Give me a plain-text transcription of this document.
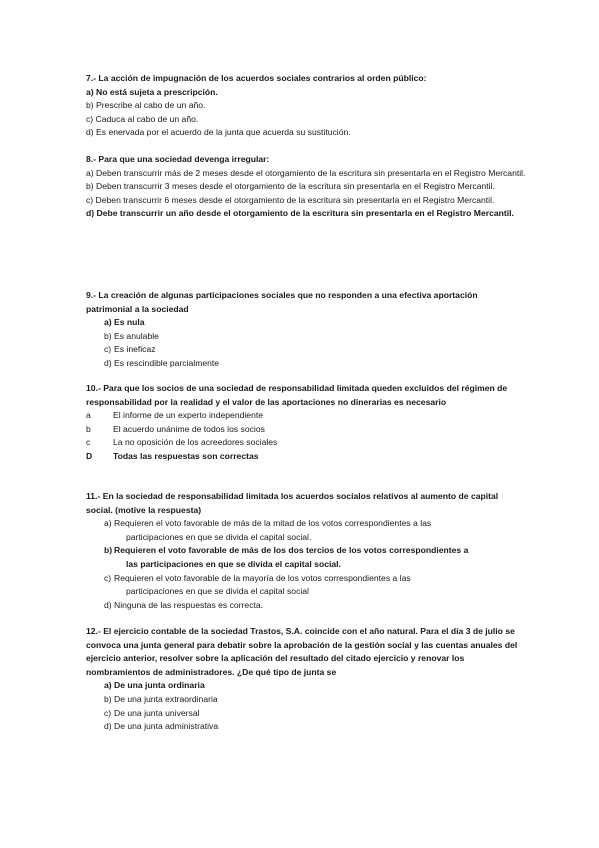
7.- La acción de impugnación de los acuerdos sociales contrarios al orden público:

a) No está sujeta a prescripción.

b) Prescribe al cabo de un año.

c) Caduca al cabo de un año.

d) Es enervada por el acuerdo de la junta que acuerda su sustitución.

8.- Para que una sociedad devenga irregular:

a) Deben transcurrir más de 2 meses desde el otorgamiento de la escritura sin presentarla en el Registro Mercantil.

b) Deben transcurrir 3 meses desde el otorgamiento de la escritura sin presentarla en el Registro Mercantil.

c) Deben transcurrir 6 meses desde el otorgamiento de la escritura sin presentarla en el Registro Mercantil.

d) Debe transcurrir un año desde el otorgamiento de la escritura sin presentarla en el Registro Mercantil.

9.- La creación de algunas participaciones sociales que no responden a una efectiva aportación patrimonial a la sociedad

a) Es nula
b) Es anulable
c) Es ineficaz
d) Es rescindible parcialmente

10.- Para que los socios de una sociedad de responsabilidad limitada queden excluidos del régimen de responsabilidad por la realidad y el valor de las aportaciones no dinerarias es necesario

a	El informe de un experto independiente
b	El acuerdo unánime de todos los socios
c	La no oposición de los acreedores sociales
D	Todas las respuestas son correctas

11.- En la sociedad de responsabilidad limitada los acuerdos socialos relativos al aumento de capital social. (motive la respuesta)

a) Requieren el voto favorable de más de la mitad de los votos correspondientes a las
participaciones en que se divida el capital social.
b) Requieren el voto favorable de más de los dos tercios de los votos correspondientes a
las participaciones en que se divida el capital social.
c) Requieren el voto favorable de la mayoría de los votos correspondientes a las
participaciones en que se divida el capital social
d) Ninguna de las respuestas es correcta.

12.- El ejercicio contable de la sociedad Trastos, S.A. coincide con el año natural. Para el día 3 de julio se convoca una junta general para debatir sobre la aprobación de la gestión social y las cuentas anuales del ejercicio anterior, resolver sobre la aplicación del resultado del citado ejercicio y renovar los nombramientos de administradores. ¿De qué tipo de junta se

a) De una junta ordinaria
b) De una junta extraordinaria
c) De una junta universal
d) De una junta administrativa
